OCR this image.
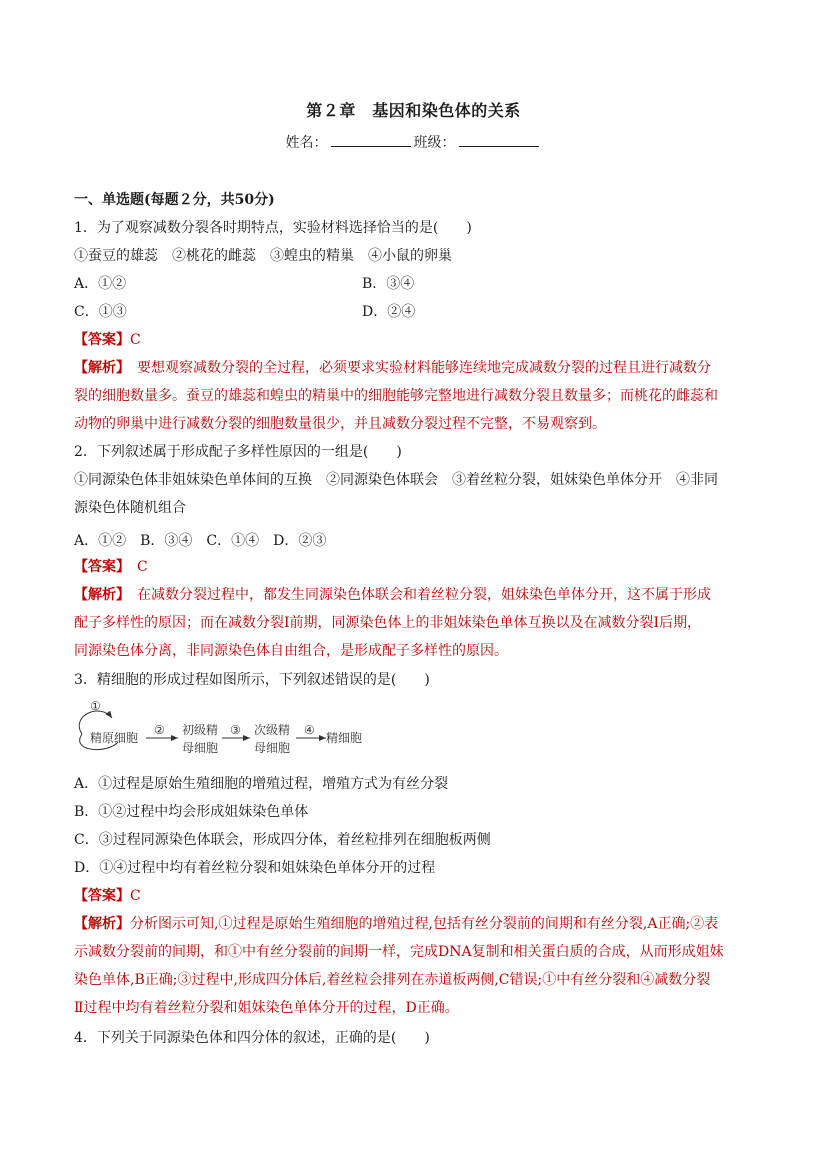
第２章　基因和染色体的关系
姓名：	班级：
一、单选题(每题２分，共50分)
1．为了观察减数分裂各时期特点，实验材料选择恰当的是(　　)
①蚕豆的雄蕊　②桃花的雌蕊　③蝗虫的精巢　④小鼠的卵巢
A．①②	B．③④
C．①③	D．②④
【答案】C
【解析】　要想观察减数分裂的全过程，必须要求实验材料能够连续地完成减数分裂的过程且进行减数分
裂的细胞数量多。蚕豆的雄蕊和蝗虫的精巢中的细胞能够完整地进行减数分裂且数量多；而桃花的雌蕊和
动物的卵巢中进行减数分裂的细胞数量很少，并且减数分裂过程不完整，不易观察到。
2．下列叙述属于形成配子多样性原因的一组是(　　)
①同源染色体非姐妹染色单体间的互换　②同源染色体联会　③着丝粒分裂，姐妹染色单体分开　④非同
源染色体随机组合
A．①②　B．③④　C．①④　D．②③
【答案】　C
【解析】　在减数分裂过程中，都发生同源染色体联会和着丝粒分裂，姐妹染色单体分开，这不属于形成
配子多样性的原因；而在减数分裂Ⅰ前期，同源染色体上的非姐妹染色单体互换以及在减数分裂Ⅰ后期，
同源染色体分离，非同源染色体自由组合，是形成配子多样性的原因。
3．精细胞的形成过程如图所示，下列叙述错误的是(　　)
①
精原细胞
② 初级精
母细胞
③ 次级精
母细胞
④
精细胞
A．①过程是原始生殖细胞的增殖过程，增殖方式为有丝分裂
B．①②过程中均会形成姐妹染色单体
C．③过程同源染色体联会，形成四分体，着丝粒排列在细胞板两侧
D．①④过程中均有着丝粒分裂和姐妹染色单体分开的过程
【答案】C
【解析】分析图示可知,①过程是原始生殖细胞的增殖过程,包括有丝分裂前的间期和有丝分裂,A正确;②表
示减数分裂前的间期，和①中有丝分裂前的间期一样，完成DNA复制和相关蛋白质的合成，从而形成姐妹
染色单体,B正确;③过程中,形成四分体后,着丝粒会排列在赤道板两侧,C错误;①中有丝分裂和④减数分裂
Ⅱ过程中均有着丝粒分裂和姐妹染色单体分开的过程，D正确。
4．下列关于同源染色体和四分体的叙述，正确的是(　　)
